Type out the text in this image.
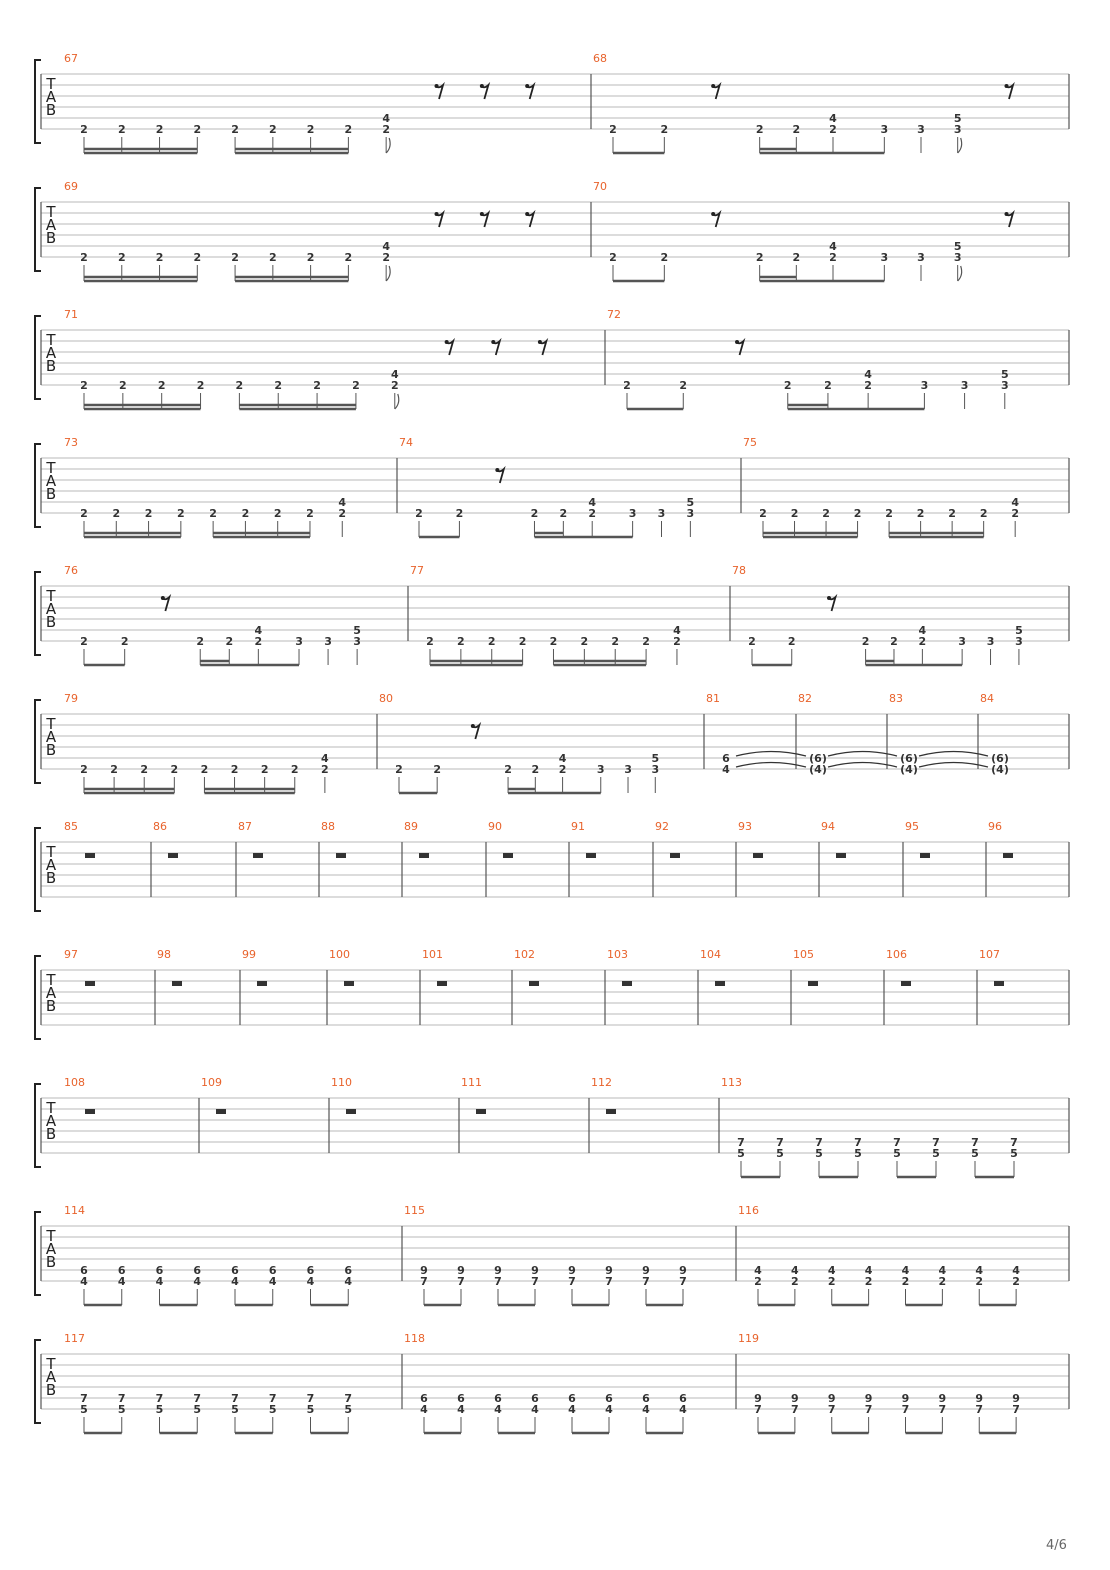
T
A
B
67
2	2	2	2	2	2	2	2
4
2
68
2	2	2	2
4
2	3	3
5
3
T
A
B
69
2	2	2	2	2	2	2	2
4
2
70
2	2	2	2
4
2	3	3
5
3
T
A
B
71
2	2	2	2	2	2	2	2
4
2
72
2	2	2	2
4
2	3	3
5
3
T
A
B
73
2 2 2 2 2 2 2 2
4
2
74
2	2	2 2
4
2	3 3
5
3
75
2 2 2 2 2 2 2 2
4
2
T
A
B
76
2	2	2 2
4
2	3 3
5
3
77
2 2 2 2 2 2 2 2
4
2
78
2	2	2 2
4
2	3 3
5
3
T
A
B
79
2 2 2 2 2 2 2 2
4
2
80
2	2	2 2
4
2	3 3
5
3
81
6
4
82
(6)
(4)
83
(6)
(4)
84
(6)
(4)
T
A
B
85	86	87	88	89	90	91	92	93	94	95	96
T
A
B
97	98	99	100	101	102	103	104	105	106	107
T
A
B
108	109	110	111	112	113
7
5
7
5
7
5
7
5
7
5
7
5
7
5
7
5
T
A
B
114
6
4
6
4
6
4
6
4
6
4
6
4
6
4
6
4
115
9
7
9
7
9
7
9
7
9
7
9
7
9
7
9
7
116
4
2
4
2
4
2
4
2
4
2
4
2
4
2
4
2
T
A
B
117
7
5
7
5
7
5
7
5
7
5
7
5
7
5
7
5
118
6
4
6
4
6
4
6
4
6
4
6
4
6
4
6
4
119
9
7
9
7
9
7
9
7
9
7
9
7
9
7
9
7
4/6
